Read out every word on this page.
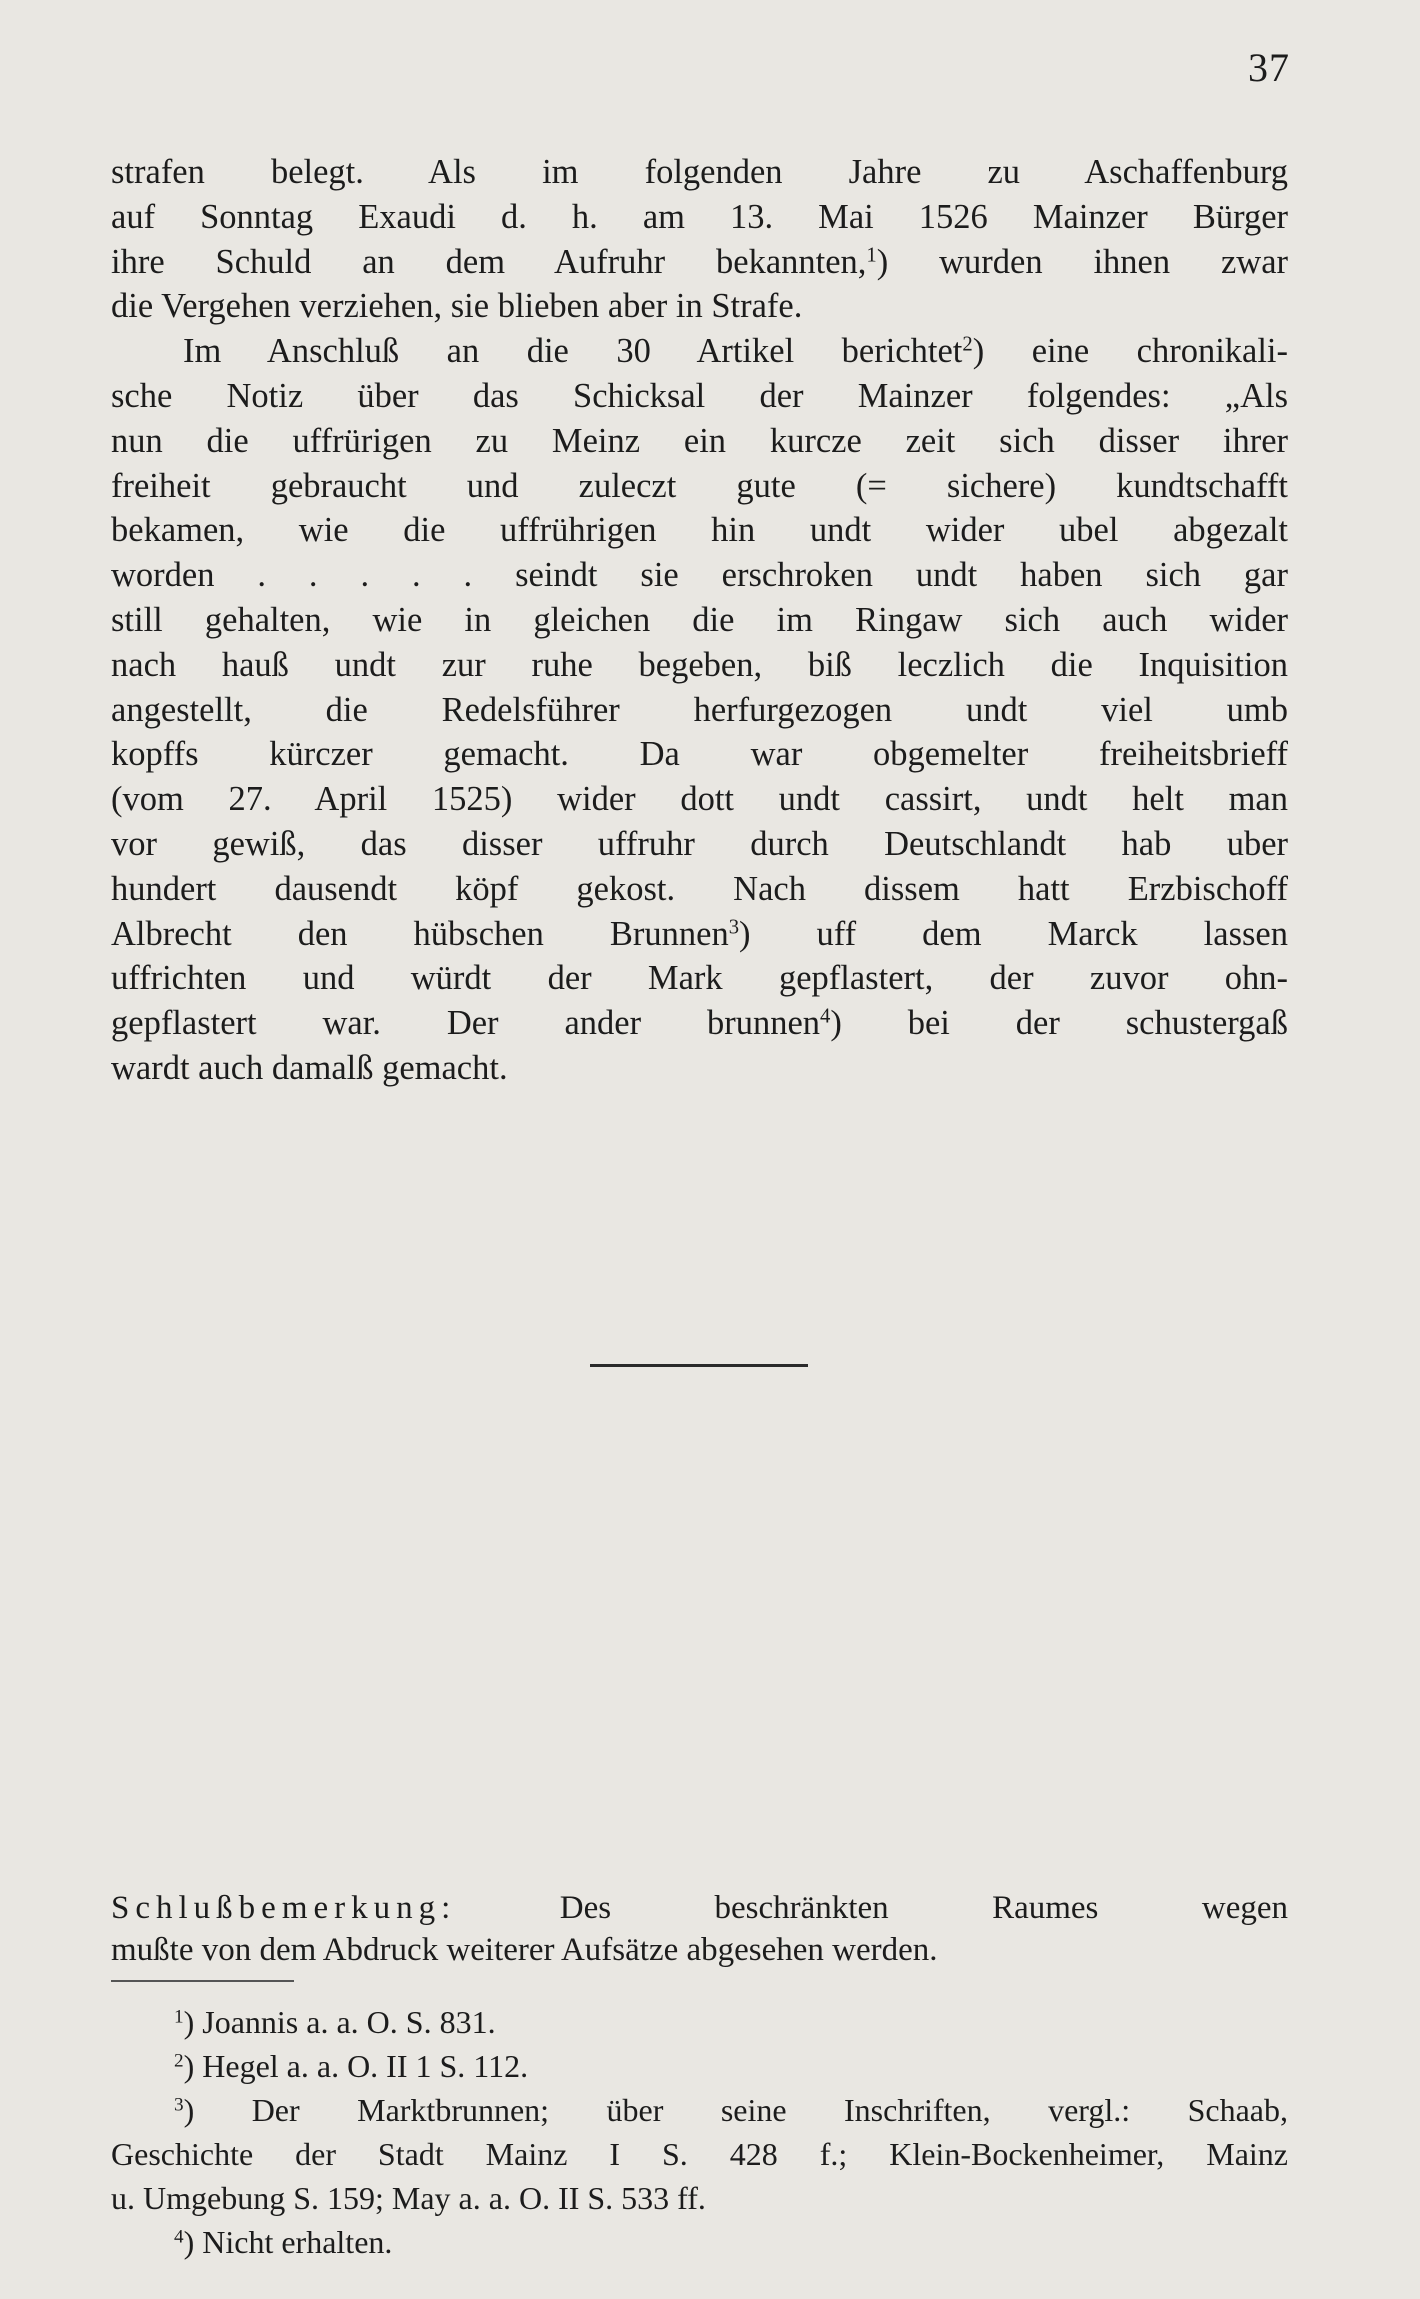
37
strafen belegt. Als im folgenden Jahre zu Aschaffenburg
auf Sonntag Exaudi d. h. am 13. Mai 1526 Mainzer Bürger
ihre Schuld an dem Aufruhr bekannten,$^1$) wurden ihnen zwar
die Vergehen verziehen, sie blieben aber in Strafe.
Im Anschluß an die 30 Artikel berichtet$^2$) eine chronikali-
sche Notiz über das Schicksal der Mainzer folgendes: „Als
nun die uffrürigen zu Meinz ein kurcze zeit sich disser ihrer
freiheit gebraucht und zuleczt gute (= sichere) kundtschafft
bekamen, wie die uffrührigen hin undt wider ubel abgezalt
worden . . . . . seindt sie erschroken undt haben sich gar
still gehalten, wie in gleichen die im Ringaw sich auch wider
nach hauß undt zur ruhe begeben, biß leczlich die Inquisition
angestellt, die Redelsführer herfurgezogen undt viel umb
kopffs kürczer gemacht. Da war obgemelter freiheitsbrieff
(vom 27. April 1525) wider dott undt cassirt, undt helt man
vor gewiß, das disser uffruhr durch Deutschlandt hab uber
hundert dausendt köpf gekost. Nach dissem hatt Erzbischoff
Albrecht den hübschen Brunnen$^3$) uff dem Marck lassen
uffrichten und würdt der Mark gepflastert, der zuvor ohn-
gepflastert war. Der ander brunnen$^4$) bei der schustergaß
wardt auch damalß gemacht.
Schlußbemerkung: Des beschränkten Raumes wegen
mußte von dem Abdruck weiterer Aufsätze abgesehen werden.
$^1$) Joannis a. a. O. S. 831.
$^2$) Hegel a. a. O. II 1 S. 112.
$^3$) Der Marktbrunnen; über seine Inschriften, vergl.: Schaab,
Geschichte der Stadt Mainz I S. 428 f.; Klein-Bockenheimer, Mainz
u. Umgebung S. 159; May a. a. O. II S. 533 ff.
$^4$) Nicht erhalten.
